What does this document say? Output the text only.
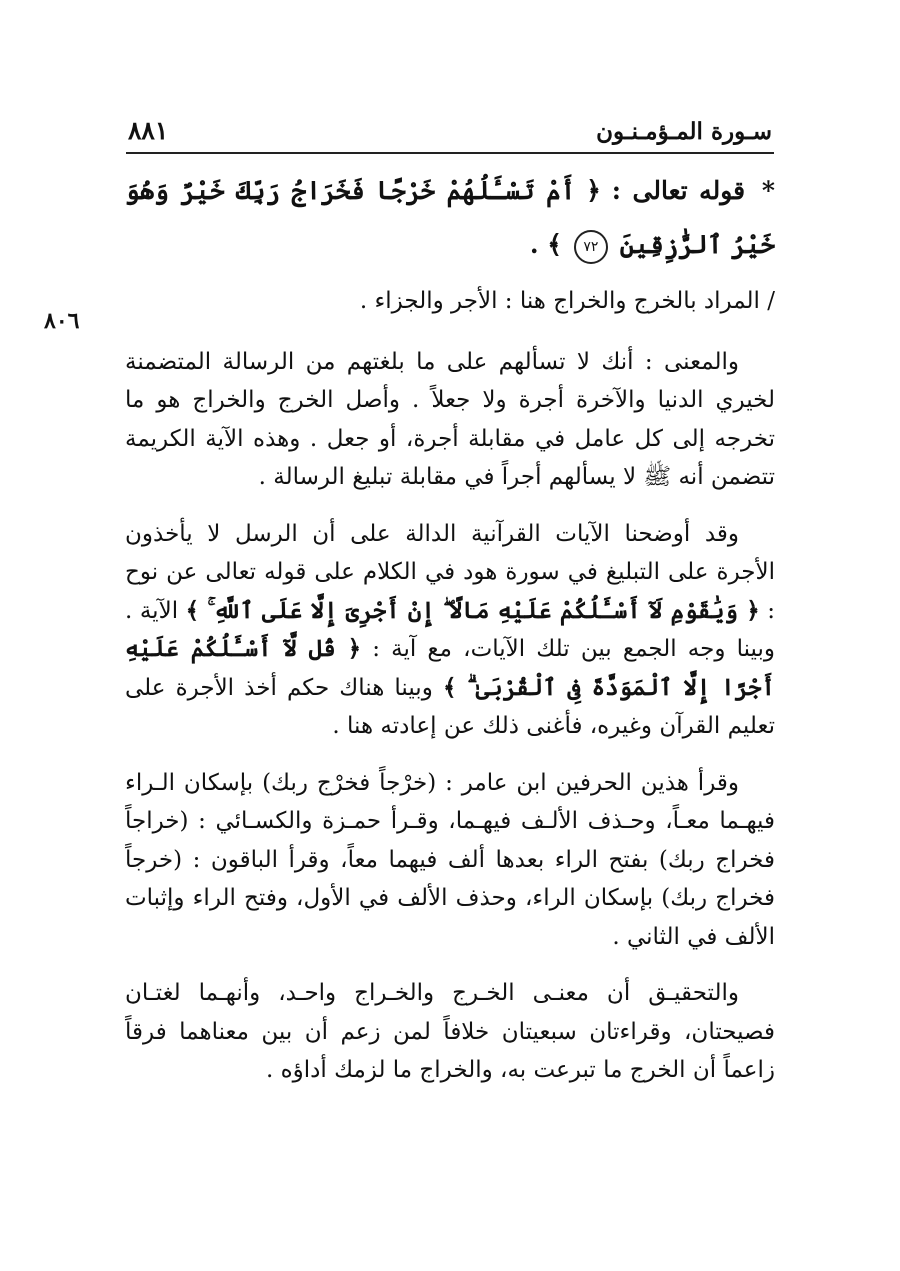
سـورة المـؤمـنـون
٨٨١
٨٠٦

* قوله تعالى : ﴿ أَمْ تَسْـَٔلُهُمْ خَرْجًا فَخَرَاجُ رَبِّكَ خَيْرٌ وَهُوَ خَيْرُ ٱلرَّٰزِقِينَ ٧٢ ﴾ .

/ المراد بالخرج والخراج هنا : الأجر والجزاء .

والمعنى : أنك لا تسألهم على ما بلغتهم من الرسالة المتضمنة لخيري الدنيا والآخرة أجرة ولا جعلاً . وأصل الخرج والخراج هو ما تخرجه إلى كل عامل في مقابلة أجرة، أو جعل . وهذه الآية الكريمة تتضمن أنه ﷺ لا يسألهم أجراً في مقابلة تبليغ الرسالة .

وقد أوضحنا الآيات القرآنية الدالة على أن الرسل لا يأخذون الأجرة على التبليغ في سورة هود في الكلام على قوله تعالى عن نوح : ﴿ وَيَٰقَوْمِ لَآ أَسْـَٔلُكُمْ عَلَيْهِ مَالًا ۖ إِنْ أَجْرِىَ إِلَّا عَلَى ٱللَّهِ ۚ ﴾ الآية . وبينا وجه الجمع بين تلك الآيات، مع آية : ﴿ قُل لَّآ أَسْـَٔلُكُمْ عَلَيْهِ أَجْرًا إِلَّا ٱلْمَوَدَّةَ فِى ٱلْقُرْبَىٰ ۗ ﴾ وبينا هناك حكم أخذ الأجرة على تعليم القرآن وغيره، فأغنى ذلك عن إعادته هنا .

وقرأ هذين الحرفين ابن عامر : (خرْجاً فخرْج ربك) بإسكان الـراء فيهـما معـاً، وحـذف الألـف فيهـما، وقـرأ حمـزة والكسـائي : (خراجاً فخراج ربك) بفتح الراء بعدها ألف فيهما معاً، وقرأ الباقون : (خرجاً فخراج ربك) بإسكان الراء، وحذف الألف في الأول، وفتح الراء وإثبات الألف في الثاني .

والتحقيـق أن معنـى الخـرج والخـراج واحـد، وأنهـما لغتـان فصيحتان، وقراءتان سبعيتان خلافاً لمن زعم أن بين معناهما فرقاً زاعماً أن الخرج ما تبرعت به، والخراج ما لزمك أداؤه .
